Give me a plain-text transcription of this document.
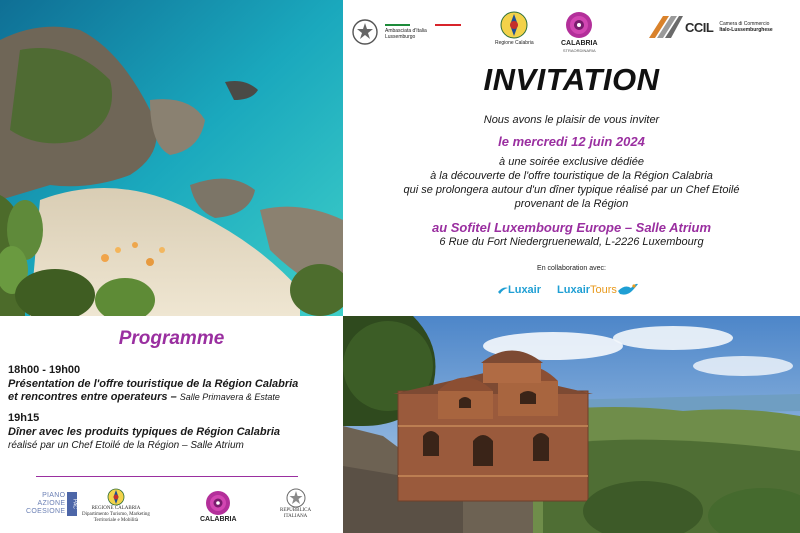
Ambasciata d'Italia
Lussemburgo
Regione Calabria	CALABRIA
STRAORDINARIA
CCIL Camera di Commercio
Italo-Lussemburghese
INVITATION
Nous avons le plaisir de vous inviter
le mercredi 12 juin 2024
à une soirée exclusive dédiée
à la découverte de l'offre touristique de la Région Calabria
qui se prolongera autour d'un dîner typique réalisé par un Chef Etoilé
provenant de la Région
au Sofitel Luxembourg Europe – Salle Atrium
6 Rue du Fort Niedergruenewald, L-2226 Luxembourg
En collaboration avec:
Luxair Luxair Tours
Programme
18h00 - 19h00
Présentation de l'offre touristique de la Région Calabria
et rencontres entre operateurs – Salle Primavera & Estate
19h15
Dîner avec les produits typiques de Région Calabria
réalisé par un Chef Etoilé de la Région – Salle Atrium
PIANO
AZIONE
COESIONE
PAC	REGIONE CALABRIA
Dipartimento Turismo, Marketing
Territoriale e Mobilità	CALABRIA
REPUBBLICA
ITALIANA
